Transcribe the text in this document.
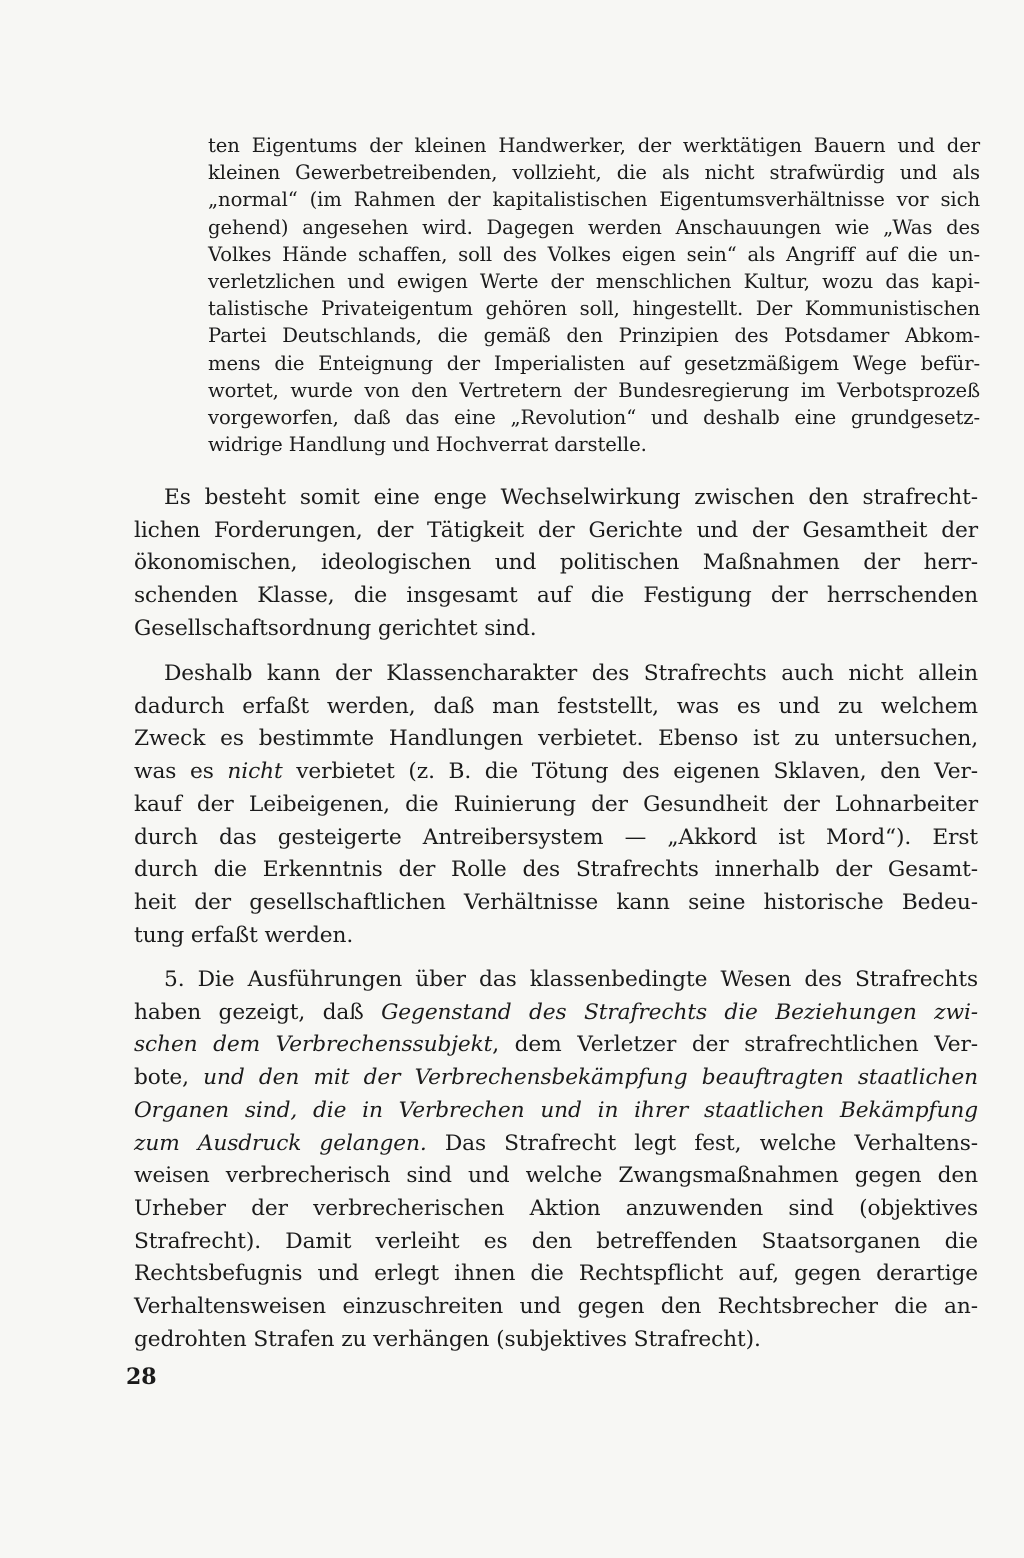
ten Eigentums der kleinen Handwerker, der werktätigen Bauern und der
kleinen Gewerbetreibenden, vollzieht, die als nicht strafwürdig und als
„normal“ (im Rahmen der kapitalistischen Eigentumsverhältnisse vor sich
gehend) angesehen wird. Dagegen werden Anschauungen wie „Was des
Volkes Hände schaffen, soll des Volkes eigen sein“ als Angriff auf die un-
verletzlichen und ewigen Werte der menschlichen Kultur, wozu das kapi-
talistische Privateigentum gehören soll, hingestellt. Der Kommunistischen
Partei Deutschlands, die gemäß den Prinzipien des Potsdamer Abkom-
mens die Enteignung der Imperialisten auf gesetzmäßigem Wege befür-
wortet, wurde von den Vertretern der Bundesregierung im Verbotsprozeß
vorgeworfen, daß das eine „Revolution“ und deshalb eine grundgesetz-
widrige Handlung und Hochverrat darstelle.
Es besteht somit eine enge Wechselwirkung zwischen den strafrecht-
lichen Forderungen, der Tätigkeit der Gerichte und der Gesamtheit der
ökonomischen, ideologischen und politischen Maßnahmen der herr-
schenden Klasse, die insgesamt auf die Festigung der herrschenden
Gesellschaftsordnung gerichtet sind.
Deshalb kann der Klassencharakter des Strafrechts auch nicht allein
dadurch erfaßt werden, daß man feststellt, was es und zu welchem
Zweck es bestimmte Handlungen verbietet. Ebenso ist zu untersuchen,
was es nicht verbietet (z. B. die Tötung des eigenen Sklaven, den Ver-
kauf der Leibeigenen, die Ruinierung der Gesundheit der Lohnarbeiter
durch das gesteigerte Antreibersystem — „Akkord ist Mord“). Erst
durch die Erkenntnis der Rolle des Strafrechts innerhalb der Gesamt-
heit der gesellschaftlichen Verhältnisse kann seine historische Bedeu-
tung erfaßt werden.
5. Die Ausführungen über das klassenbedingte Wesen des Strafrechts
haben gezeigt, daß Gegenstand des Strafrechts die Beziehungen zwi-
schen dem Verbrechenssubjekt, dem Verletzer der strafrechtlichen Ver-
bote, und den mit der Verbrechensbekämpfung beauftragten staatlichen
Organen sind, die in Verbrechen und in ihrer staatlichen Bekämpfung
zum Ausdruck gelangen. Das Strafrecht legt fest, welche Verhaltens-
weisen verbrecherisch sind und welche Zwangsmaßnahmen gegen den
Urheber der verbrecherischen Aktion anzuwenden sind (objektives
Strafrecht). Damit verleiht es den betreffenden Staatsorganen die
Rechtsbefugnis und erlegt ihnen die Rechtspflicht auf, gegen derartige
Verhaltensweisen einzuschreiten und gegen den Rechtsbrecher die an-
gedrohten Strafen zu verhängen (subjektives Strafrecht).
28
